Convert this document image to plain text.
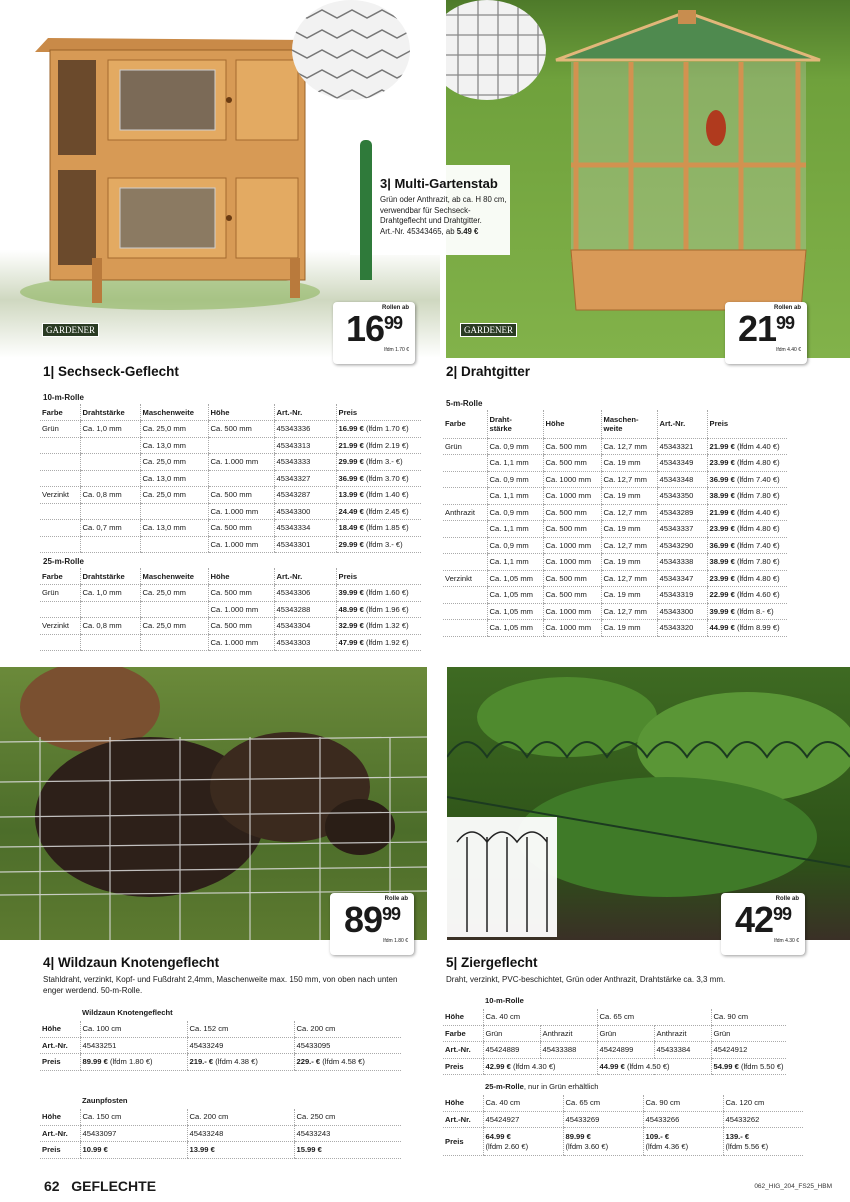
3| Multi-Gartenstab
Grün oder Anthrazit, ab ca. H 80 cm,
verwendbar für Sechseck-
Drahtgeflecht und Drahtgitter.
Art.-Nr. 45343465, ab 5.49 €
GARDENER	GARDENER
Rollen ab
$16^{99}$
lfdm 1.70 €
Rollen ab
$21^{99}$
lfdm 4.40 €
1| Sechseck-Geflecht
10-m-Rolle
Farbe	Drahtstärke	Maschenweite	Höhe	Art.-Nr.	Preis
Grün	Ca. 1,0 mm	Ca. 25,0 mm	Ca. 500 mm	45343336	16.99 € (lfdm 1.70 €)
		Ca. 13,0 mm		45343313	21.99 € (lfdm 2.19 €)
		Ca. 25,0 mm	Ca. 1.000 mm	45343333	29.99 € (lfdm 3.- €)
		Ca. 13,0 mm		45343327	36.99 € (lfdm 3.70 €)
Verzinkt	Ca. 0,8 mm	Ca. 25,0 mm	Ca. 500 mm	45343287	13.99 € (lfdm 1.40 €)
			Ca. 1.000 mm	45343300	24.49 € (lfdm 2.45 €)
	Ca. 0,7 mm	Ca. 13,0 mm	Ca. 500 mm	45343334	18.49 € (lfdm 1.85 €)
			Ca. 1.000 mm	45343301	29.99 € (lfdm 3.- €)
25-m-Rolle
Farbe	Drahtstärke	Maschenweite	Höhe	Art.-Nr.	Preis
Grün	Ca. 1,0 mm	Ca. 25,0 mm	Ca. 500 mm	45343306	39.99 € (lfdm 1.60 €)
			Ca. 1.000 mm	45343288	48.99 € (lfdm 1.96 €)
Verzinkt	Ca. 0,8 mm	Ca. 25,0 mm	Ca. 500 mm	45343304	32.99 € (lfdm 1.32 €)
			Ca. 1.000 mm	45343303	47.99 € (lfdm 1.92 €)
2| Drahtgitter
5-m-Rolle
Farbe	Draht-
stärke	Höhe	Maschen-
weite	Art.-Nr.	Preis
Grün	Ca. 0,9 mm	Ca. 500 mm	Ca. 12,7 mm	45343321	21.99 € (lfdm 4.40 €)
	Ca. 1,1 mm	Ca. 500 mm	Ca. 19 mm	45343349	23.99 € (lfdm 4.80 €)
	Ca. 0,9 mm	Ca. 1000 mm	Ca. 12,7 mm	45343348	36.99 € (lfdm 7.40 €)
	Ca. 1,1 mm	Ca. 1000 mm	Ca. 19 mm	45343350	38.99 € (lfdm 7.80 €)
Anthrazit	Ca. 0,9 mm	Ca. 500 mm	Ca. 12,7 mm	45343289	21.99 € (lfdm 4.40 €)
	Ca. 1,1 mm	Ca. 500 mm	Ca. 19 mm	45343337	23.99 € (lfdm 4.80 €)
	Ca. 0,9 mm	Ca. 1000 mm	Ca. 12,7 mm	45343290	36.99 € (lfdm 7.40 €)
	Ca. 1,1 mm	Ca. 1000 mm	Ca. 19 mm	45343338	38.99 € (lfdm 7.80 €)
Verzinkt	Ca. 1,05 mm	Ca. 500 mm	Ca. 12,7 mm	45343347	23.99 € (lfdm 4.80 €)
	Ca. 1,05 mm	Ca. 500 mm	Ca. 19 mm	45343319	22.99 € (lfdm 4.60 €)
	Ca. 1,05 mm	Ca. 1000 mm	Ca. 12,7 mm	45343300	39.99 € (lfdm 8.- €)
	Ca. 1,05 mm	Ca. 1000 mm	Ca. 19 mm	45343320	44.99 € (lfdm 8.99 €)
Rolle ab
$89^{99}$
lfdm 1.80 €
Rolle ab
$42^{99}$
lfdm 4.30 €
4| Wildzaun Knotengeflecht
Stahldraht, verzinkt, Kopf- und Fußdraht 2,4mm, Maschenweite max. 150 mm, von oben nach unten enger werdend. 50-m-Rolle.
	Wildzaun Knotengeflecht		
Höhe	Ca. 100 cm	Ca. 152 cm	Ca. 200 cm
Art.-Nr.	45433251	45433249	45433095
Preis	89.99 € (lfdm 1.80 €)	219.- € (lfdm 4.38 €)	229.- € (lfdm 4.58 €)
	Zaunpfosten		
Höhe	Ca. 150 cm	Ca. 200 cm	Ca. 250 cm
Art.-Nr.	45433097	45433248	45433243
Preis	10.99 €	13.99 €	15.99 €
5| Ziergeflecht
Draht, verzinkt, PVC-beschichtet, Grün oder Anthrazit, Drahtstärke ca. 3,3 mm.
	10-m-Rolle				
Höhe	Ca. 40 cm		Ca. 65 cm		Ca. 90 cm
Farbe	Grün	Anthrazit	Grün	Anthrazit	Grün
Art.-Nr.	45424889	45433388	45424899	45433384	45424912
Preis	42.99 € (lfdm 4.30 €)		44.99 € (lfdm 4.50 €)		54.99 € (lfdm 5.50 €)
	25-m-Rolle, nur in Grün erhältlich			
Höhe	Ca. 40 cm	Ca. 65 cm	Ca. 90 cm	Ca. 120 cm
Art.-Nr.	45424927	45433269	45433266	45433262
Preis	64.99 €
(lfdm 2.60 €)	89.99 €
(lfdm 3.60 €)	109.- €
(lfdm 4.36 €)	139.- €
(lfdm 5.56 €)
62 GEFLECHTE	062_HIG_204_FS25_HBM
